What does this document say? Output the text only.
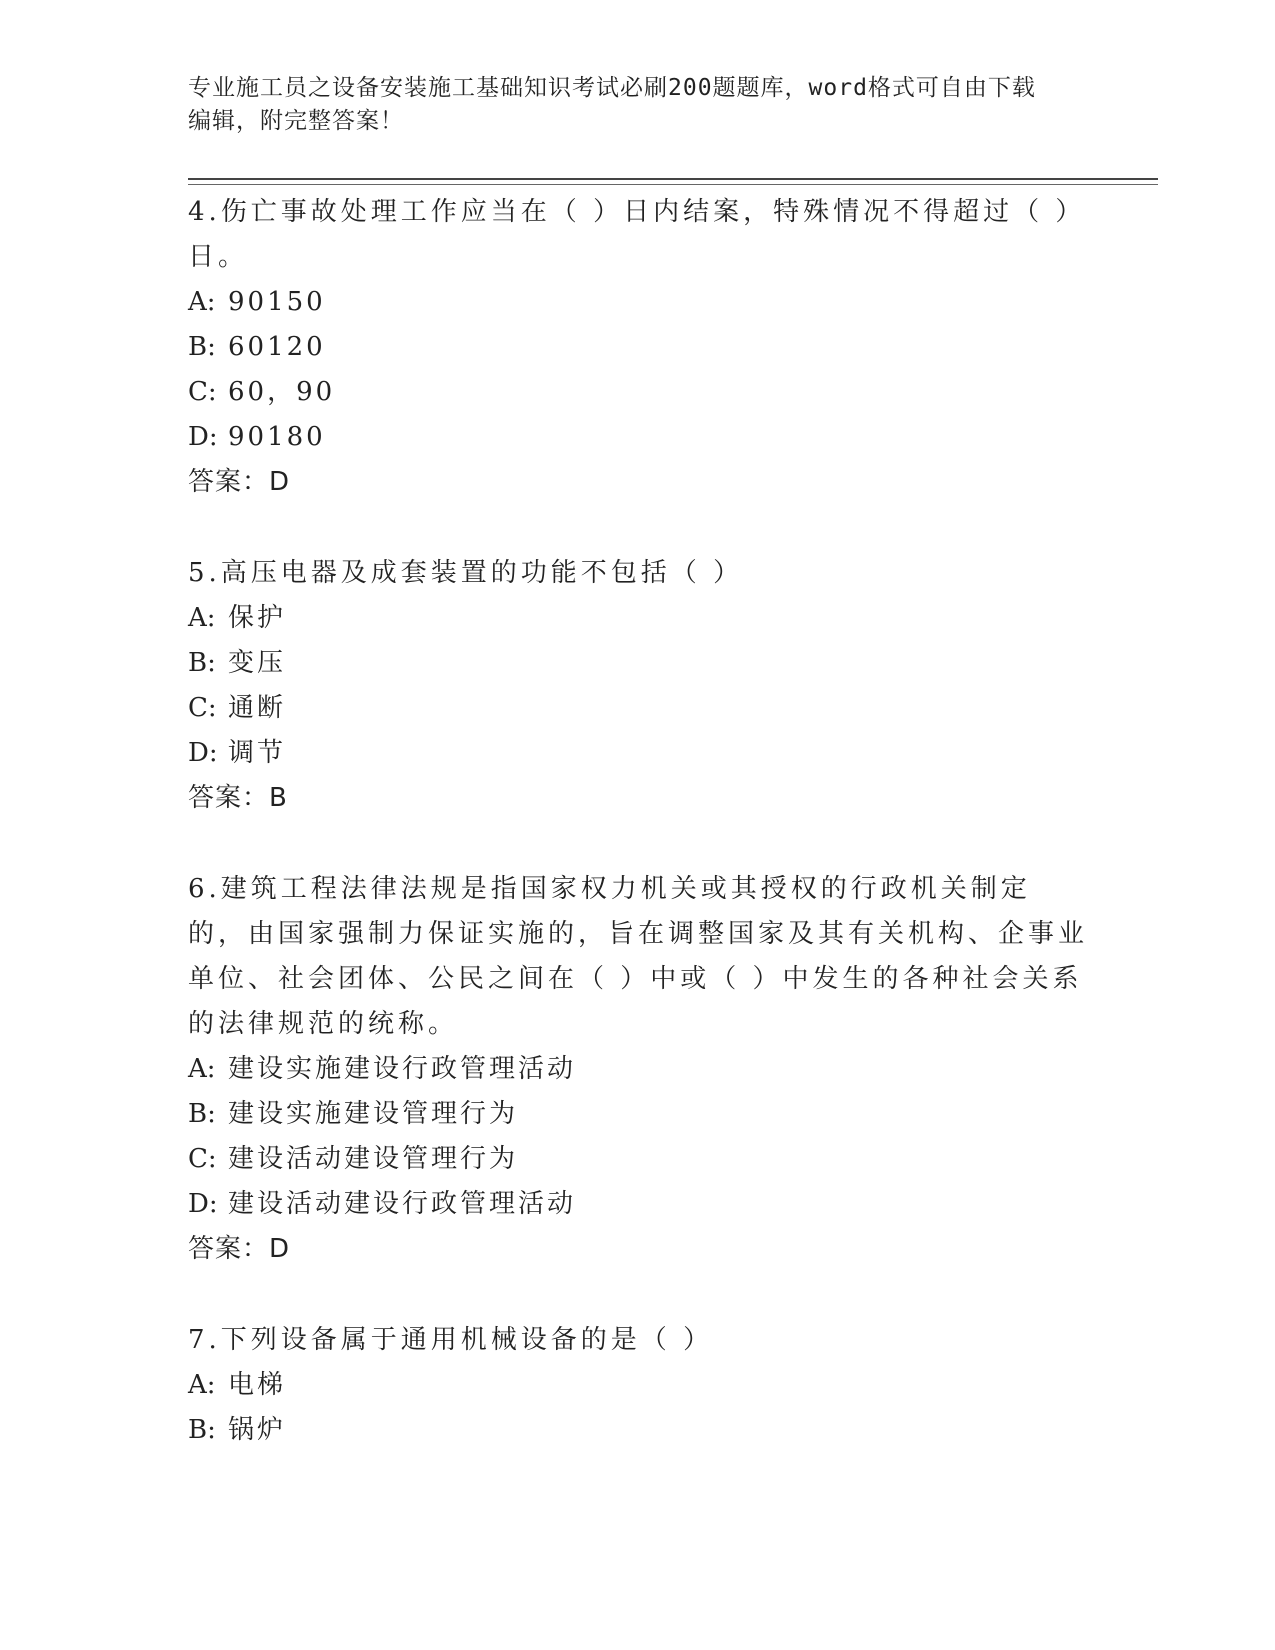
专业施工员之设备安装施工基础知识考试必刷200题题库，word格式可自由下载
编辑，附完整答案！
4.伤亡事故处理工作应当在（ ）日内结案，特殊情况不得超过（ ）日。
A: 90150
B: 60120
C: 60，90
D: 90180
答案：D
5.高压电器及成套装置的功能不包括（ ）
A: 保护
B: 变压
C: 通断
D: 调节
答案：B
6.建筑工程法律法规是指国家权力机关或其授权的行政机关制定的，由国家强制力保证实施的，旨在调整国家及其有关机构、企事业单位、社会团体、公民之间在（ ）中或（ ）中发生的各种社会关系的法律规范的统称。
A: 建设实施建设行政管理活动
B: 建设实施建设管理行为
C: 建设活动建设管理行为
D: 建设活动建设行政管理活动
答案：D
7.下列设备属于通用机械设备的是（ ）
A: 电梯
B: 锅炉
